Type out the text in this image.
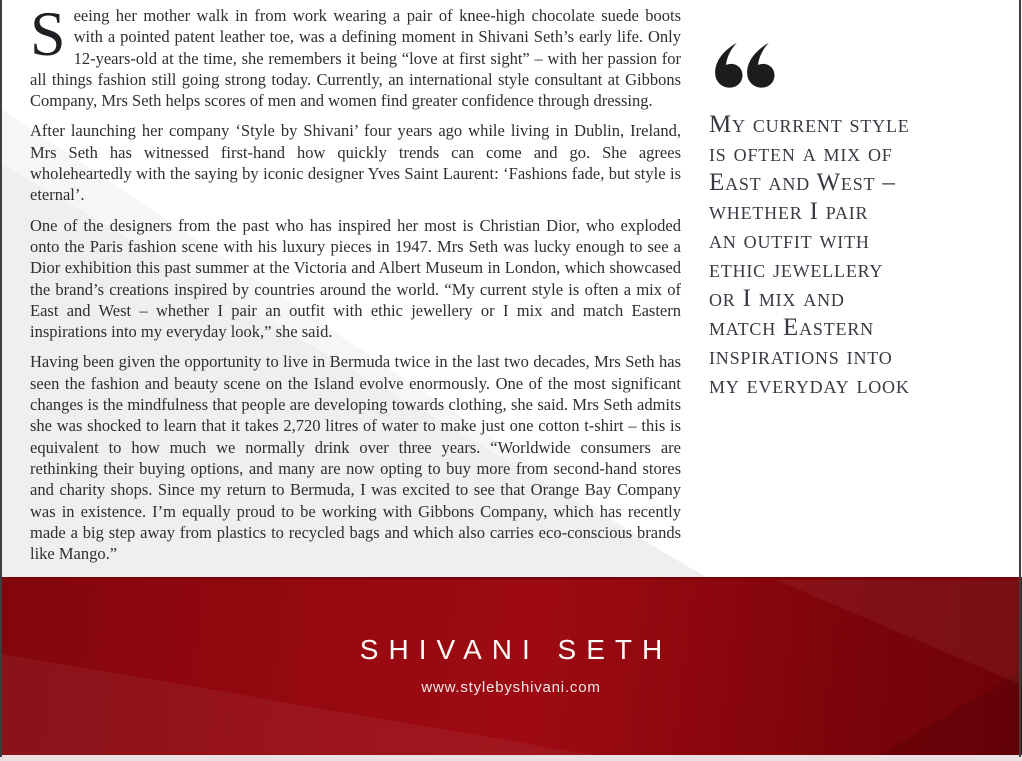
Seeing her mother walk in from work wearing a pair of knee-high chocolate suede boots with a pointed patent leather toe, was a defining moment in Shivani Seth’s early life. Only 12-years-old at the time, she remembers it being “love at first sight” – with her passion for all things fashion still going strong today. Currently, an international style consultant at Gibbons Company, Mrs Seth helps scores of men and women find greater confidence through dressing.

After launching her company ‘Style by Shivani’ four years ago while living in Dublin, Ireland, Mrs Seth has witnessed first-hand how quickly trends can come and go. She agrees wholeheartedly with the saying by iconic designer Yves Saint Laurent: ‘Fashions fade, but style is eternal’.

One of the designers from the past who has inspired her most is Christian Dior, who exploded onto the Paris fashion scene with his luxury pieces in 1947. Mrs Seth was lucky enough to see a Dior exhibition this past summer at the Victoria and Albert Museum in London, which showcased the brand’s creations inspired by countries around the world. “My current style is often a mix of East and West – whether I pair an outfit with ethic jewellery or I mix and match Eastern inspirations into my everyday look,” she said.

Having been given the opportunity to live in Bermuda twice in the last two decades, Mrs Seth has seen the fashion and beauty scene on the Island evolve enormously. One of the most significant changes is the mindfulness that people are developing towards clothing, she said. Mrs Seth admits she was shocked to learn that it takes 2,720 litres of water to make just one cotton t-shirt – this is equivalent to how much we normally drink over three years. “Worldwide consumers are rethinking their buying options, and many are now opting to buy more from second-hand stores and charity shops. Since my return to Bermuda, I was excited to see that Orange Bay Company was in existence. I’m equally proud to be working with Gibbons Company, which has recently made a big step away from plastics to recycled bags and which also carries eco-conscious brands like Mango.”

My current style
is often a mix of
East and West –
whether I pair
an outfit with
ethic jewellery
or I mix and
match Eastern
inspirations into
my everyday look
SHIVANI SETH
www.stylebyshivani.com
